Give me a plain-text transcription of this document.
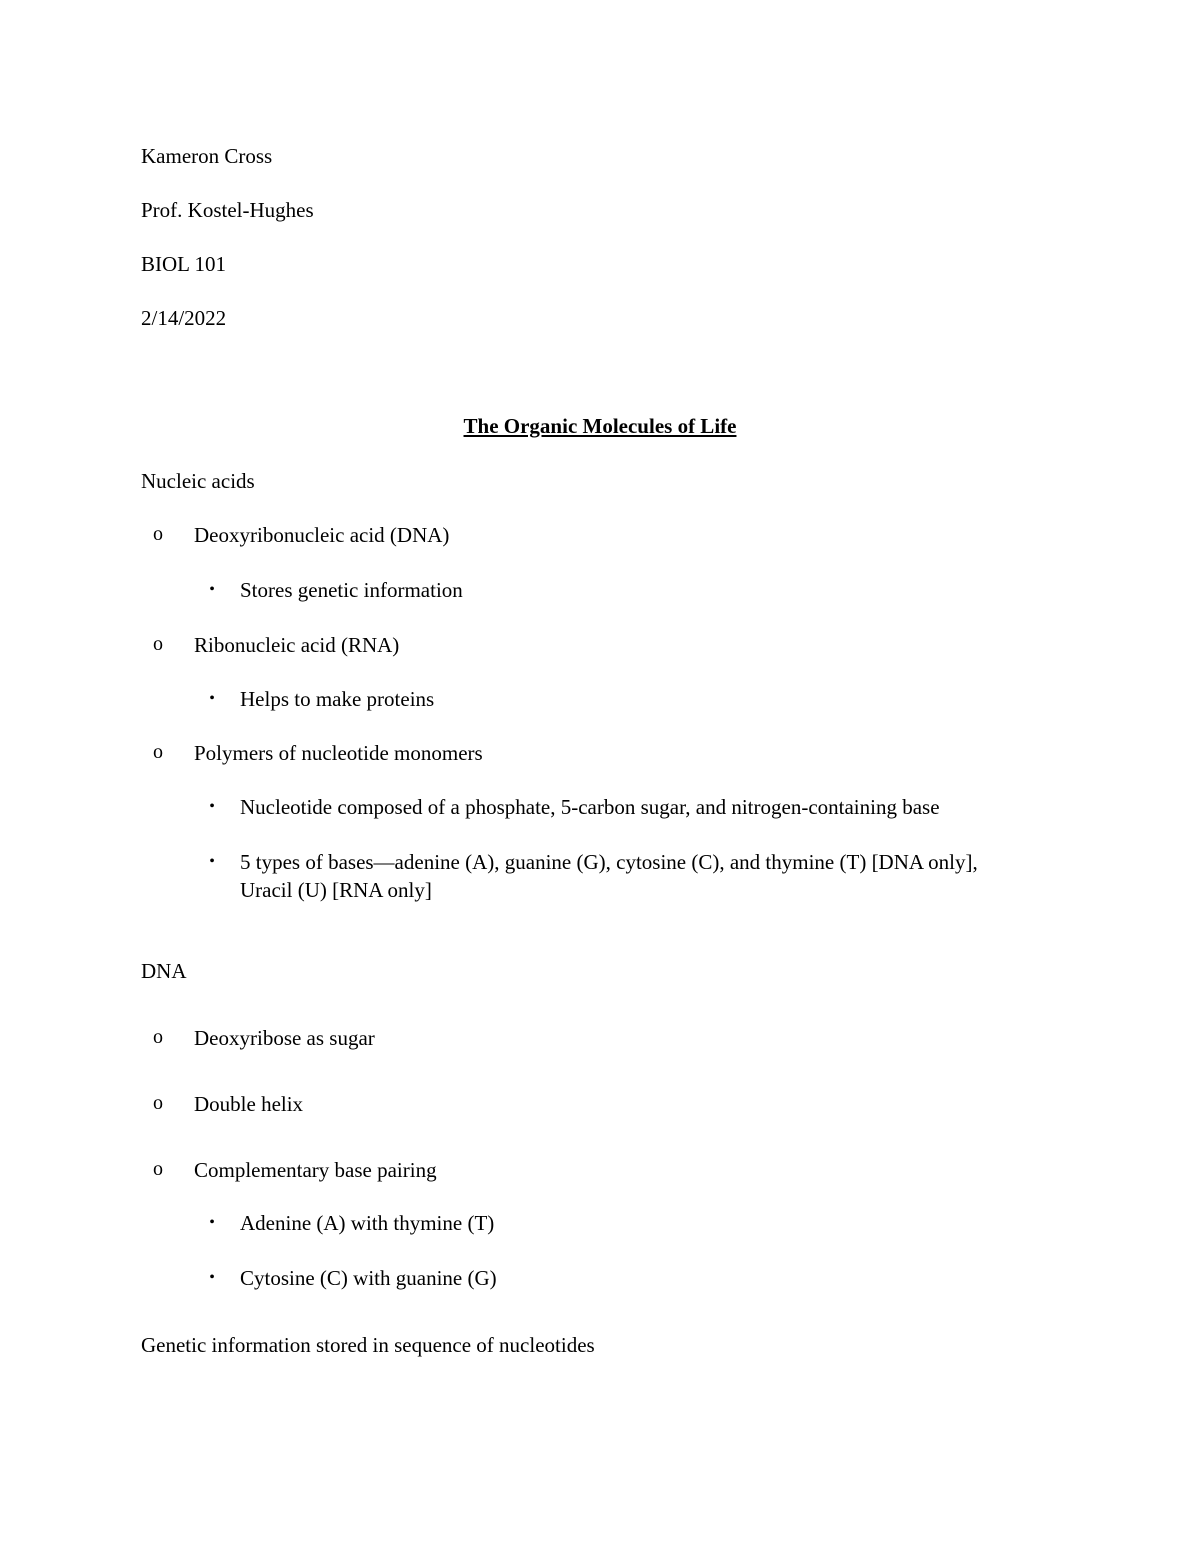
Kameron Cross
Prof. Kostel-Hughes
BIOL 101
2/14/2022
The Organic Molecules of Life
Nucleic acids
o Deoxyribonucleic acid (DNA)
•	Stores genetic information
o Ribonucleic acid (RNA)
•	Helps to make proteins
o Polymers of nucleotide monomers
•	Nucleotide composed of a phosphate, 5-carbon sugar, and nitrogen-containing base
•	5 types of bases—adenine (A), guanine (G), cytosine (C), and thymine (T) [DNA only], Uracil (U) [RNA only]
DNA
o Deoxyribose as sugar
o Double helix
o Complementary base pairing
•	Adenine (A) with thymine (T)
•	Cytosine (C) with guanine (G)
Genetic information stored in sequence of nucleotides
